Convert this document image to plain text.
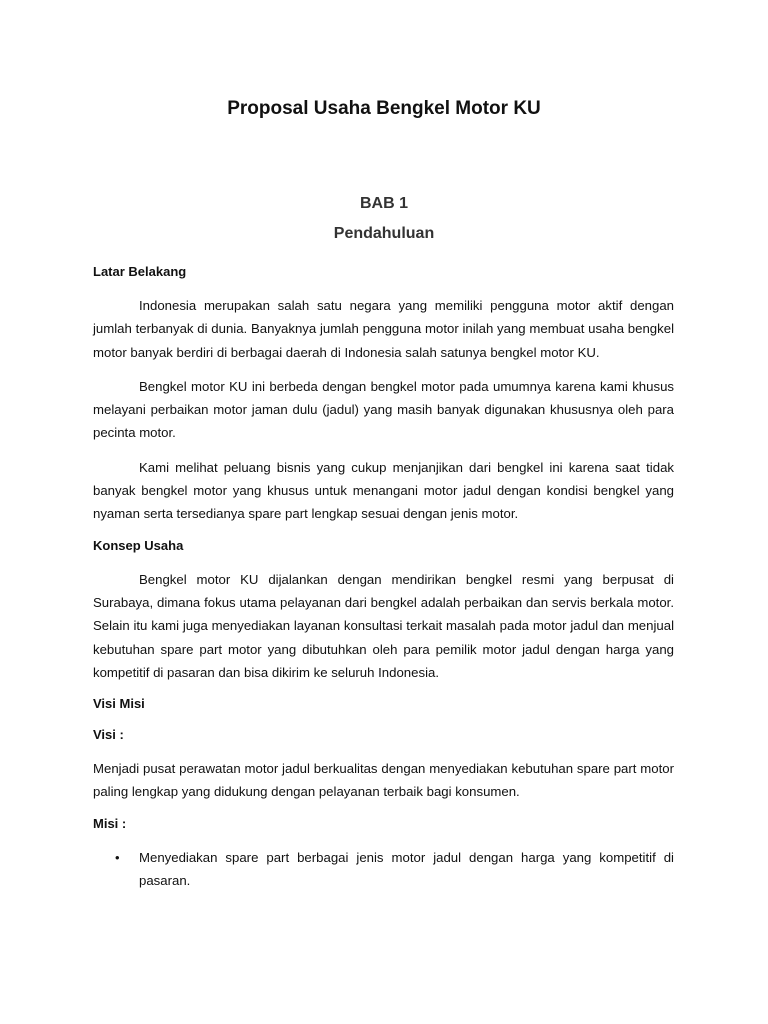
Proposal Usaha Bengkel Motor KU
BAB 1
Pendahuluan

Latar Belakang

Indonesia merupakan salah satu negara yang memiliki pengguna motor aktif dengan jumlah terbanyak di dunia. Banyaknya jumlah pengguna motor inilah yang membuat usaha bengkel motor banyak berdiri di berbagai daerah di Indonesia salah satunya bengkel motor KU.

Bengkel motor KU ini berbeda dengan bengkel motor pada umumnya karena kami khusus melayani perbaikan motor jaman dulu (jadul) yang masih banyak digunakan khususnya oleh para pecinta motor.

Kami melihat peluang bisnis yang cukup menjanjikan dari bengkel ini karena saat tidak banyak bengkel motor yang khusus untuk menangani motor jadul dengan kondisi bengkel yang nyaman serta tersedianya spare part lengkap sesuai dengan jenis motor.

Konsep Usaha

Bengkel motor KU dijalankan dengan mendirikan bengkel resmi yang berpusat di Surabaya, dimana fokus utama pelayanan dari bengkel adalah perbaikan dan servis berkala motor. Selain itu kami juga menyediakan layanan konsultasi terkait masalah pada motor jadul dan menjual kebutuhan spare part motor yang dibutuhkan oleh para pemilik motor jadul dengan harga yang kompetitif di pasaran dan bisa dikirim ke seluruh Indonesia.

Visi Misi

Visi :

Menjadi pusat perawatan motor jadul berkualitas dengan menyediakan kebutuhan spare part motor paling lengkap yang didukung dengan pelayanan terbaik bagi konsumen.

Misi :

• Menyediakan spare part berbagai jenis motor jadul dengan harga yang kompetitif di pasaran.
